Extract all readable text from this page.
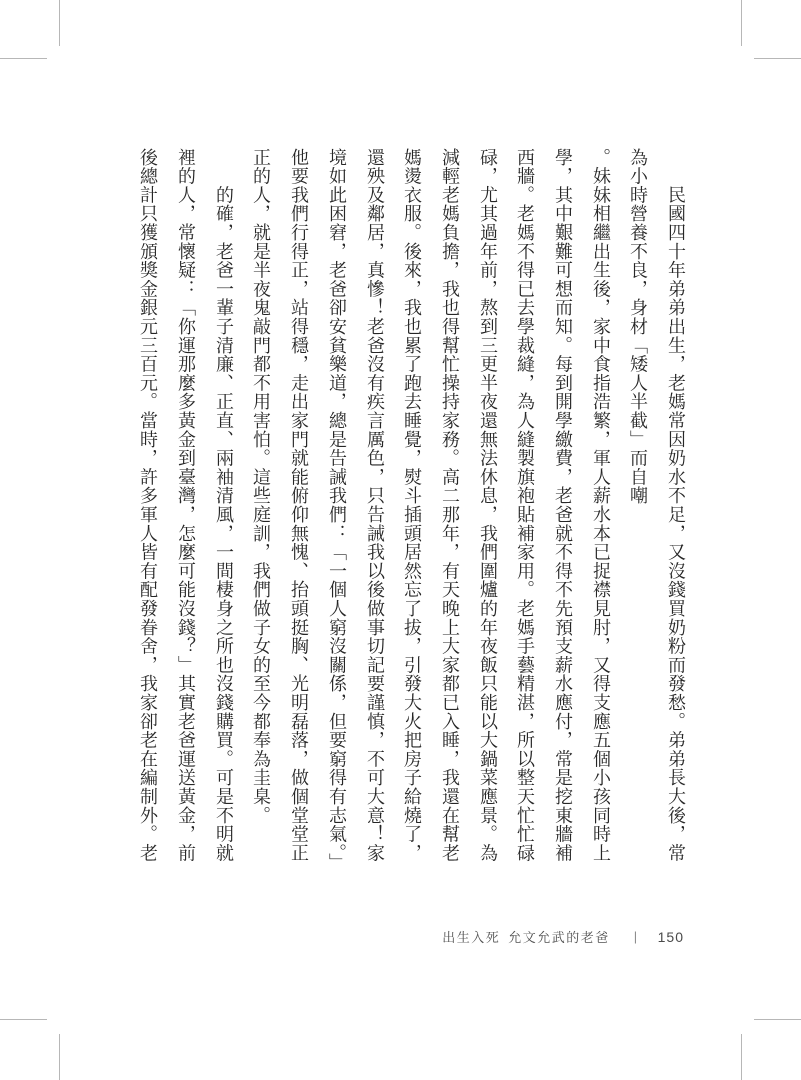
　　民國四十年弟弟出生，老媽常因奶水不足，又沒錢買奶粉而發愁。弟弟長大後，常
為小時營養不良，身材「矮人半截」而自嘲
。妹妹相繼出生後，家中食指浩繁，軍人薪水本已捉襟見肘，又得支應五個小孩同時上
學，其中艱難可想而知。每到開學繳費，老爸就不得不先預支薪水應付，常是挖東牆補
西牆。老媽不得已去學裁縫，為人縫製旗袍貼補家用。老媽手藝精湛，所以整天忙忙碌
碌，尤其過年前，熬到三更半夜還無法休息，我們圍爐的年夜飯只能以大鍋菜應景。為
減輕老媽負擔，我也得幫忙操持家務。高二那年，有天晚上大家都已入睡，我還在幫老
媽燙衣服。後來，我也累了跑去睡覺，熨斗插頭居然忘了拔，引發大火把房子給燒了，
還殃及鄰居，真慘！老爸沒有疾言厲色，只告誡我以後做事切記要謹慎，不可大意！家
境如此困窘，老爸卻安貧樂道，總是告誡我們：「一個人窮沒關係，但要窮得有志氣。」
他要我們行得正，站得穩，走出家門就能俯仰無愧、抬頭挺胸、光明磊落，做個堂堂正
正的人，就是半夜鬼敲門都不用害怕。這些庭訓，我們做子女的至今都奉為圭臬。
　　的確，老爸一輩子清廉、正直、兩袖清風，一間棲身之所也沒錢購買。可是不明就
裡的人，常懷疑：「你運那麼多黃金到臺灣，怎麼可能沒錢？」其實老爸運送黃金，前
後總計只獲頒獎金銀元三百元。當時，許多軍人皆有配發眷舍，我家卻老在編制外。老
出生入死 允文允武的老爸 | 150
